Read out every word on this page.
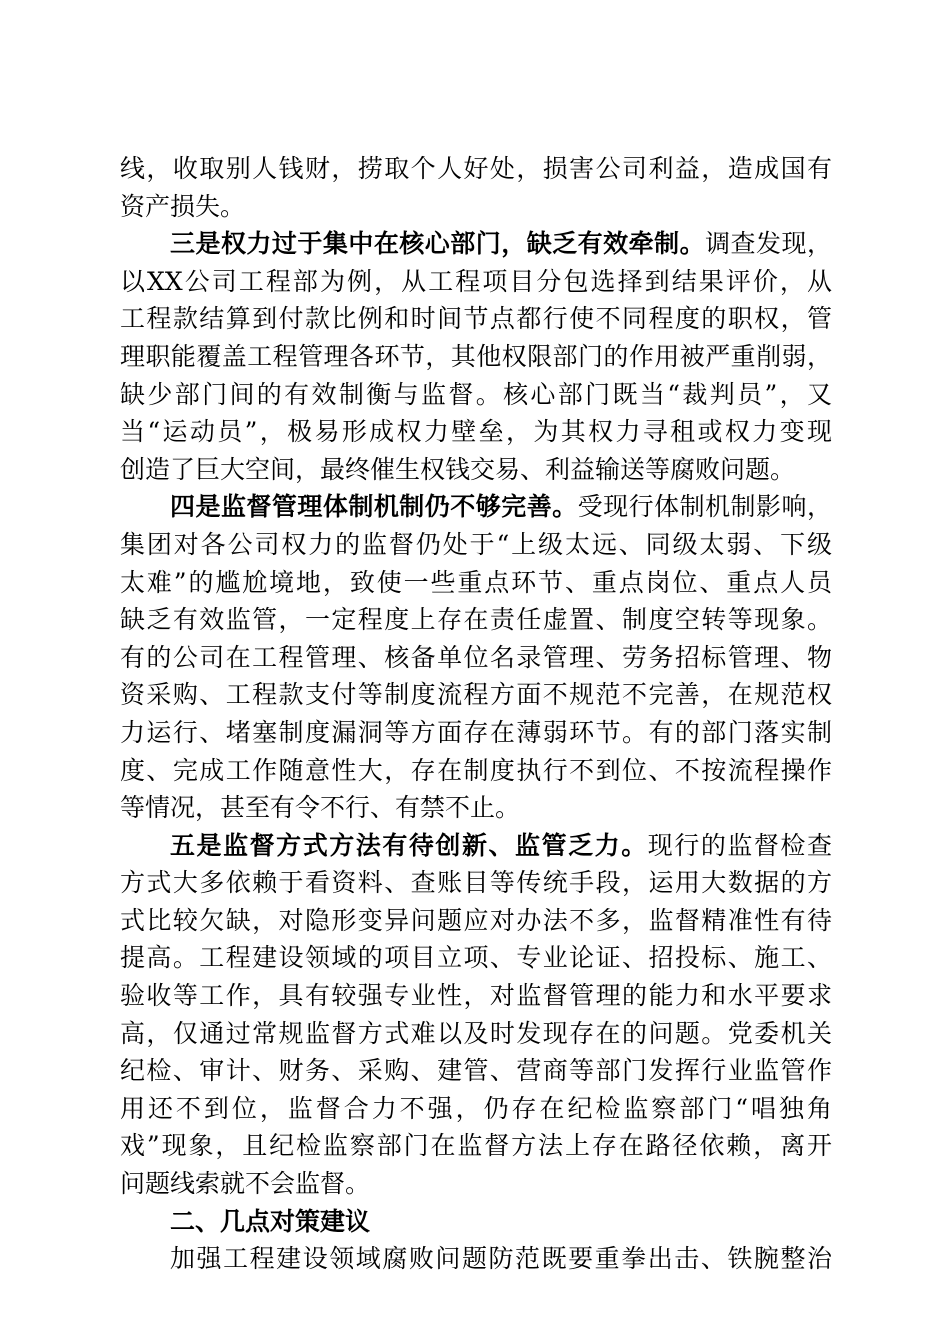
线，收取别人钱财，捞取个人好处，损害公司利益，造成国有
资产损失。
三是权力过于集中在核心部门，缺乏有效牵制。调查发现，
以XX公司工程部为例，从工程项目分包选择到结果评价，从
工程款结算到付款比例和时间节点都行使不同程度的职权，管
理职能覆盖工程管理各环节，其他权限部门的作用被严重削弱，
缺少部门间的有效制衡与监督。核心部门既当“裁判员”，又
当“运动员”，极易形成权力壁垒，为其权力寻租或权力变现
创造了巨大空间，最终催生权钱交易、利益输送等腐败问题。
四是监督管理体制机制仍不够完善。受现行体制机制影响，
集团对各公司权力的监督仍处于“上级太远、同级太弱、下级
太难”的尴尬境地，致使一些重点环节、重点岗位、重点人员
缺乏有效监管，一定程度上存在责任虚置、制度空转等现象。
有的公司在工程管理、核备单位名录管理、劳务招标管理、物
资采购、工程款支付等制度流程方面不规范不完善，在规范权
力运行、堵塞制度漏洞等方面存在薄弱环节。有的部门落实制
度、完成工作随意性大，存在制度执行不到位、不按流程操作
等情况，甚至有令不行、有禁不止。
五是监督方式方法有待创新、监管乏力。现行的监督检查
方式大多依赖于看资料、查账目等传统手段，运用大数据的方
式比较欠缺，对隐形变异问题应对办法不多，监督精准性有待
提高。工程建设领域的项目立项、专业论证、招投标、施工、
验收等工作，具有较强专业性，对监督管理的能力和水平要求
高，仅通过常规监督方式难以及时发现存在的问题。党委机关
纪检、审计、财务、采购、建管、营商等部门发挥行业监管作
用还不到位，监督合力不强，仍存在纪检监察部门“唱独角
戏”现象，且纪检监察部门在监督方法上存在路径依赖，离开
问题线索就不会监督。
二、几点对策建议
加强工程建设领域腐败问题防范既要重拳出击、铁腕整治
